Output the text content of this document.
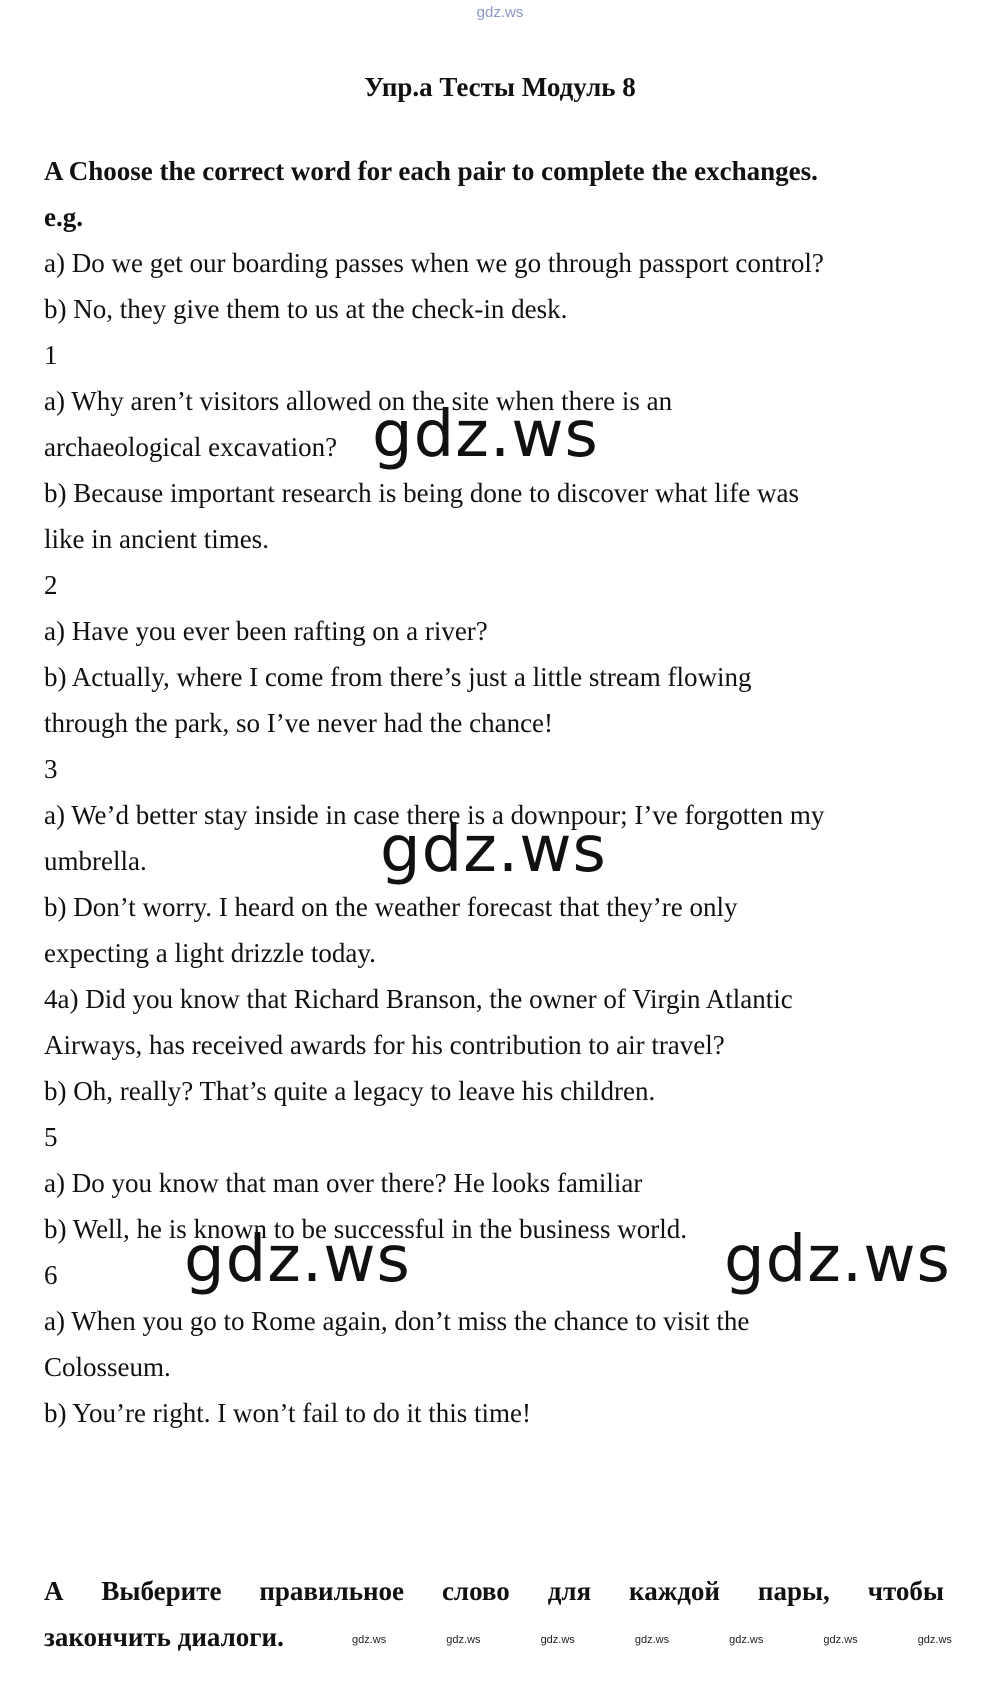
gdz.ws
Упр.a Тесты Модуль 8
A Choose the correct word for each pair to complete the exchanges.
e.g.
a) Do we get our boarding passes when we go through passport control?
b) No, they give them to us at the check-in desk.
1
a) Why aren’t visitors allowed on the site when there is an
archaeological excavation?
b) Because important research is being done to discover what life was
like in ancient times.
2
a) Have you ever been rafting on a river?
b) Actually, where I come from there’s just a little stream flowing
through the park, so I’ve never had the chance!
3
a) We’d better stay inside in case there is a downpour; I’ve forgotten my
umbrella.
b) Don’t worry. I heard on the weather forecast that they’re only
expecting a light drizzle today.
4a) Did you know that Richard Branson, the owner of Virgin Atlantic
Airways, has received awards for his contribution to air travel?
b) Oh, really? That’s quite a legacy to leave his children.
5
a) Do you know that man over there? He looks familiar
b) Well, he is known to be successful in the business world.
6
a) When you go to Rome again, don’t miss the chance to visit the
Colosseum.
b) You’re right. I won’t fail to do it this time!
gdz.ws
gdz.ws
gdz.ws	gdz.ws
A Выберите правильное слово для каждой пары, чтобы
закончить диалоги.	gdz.ws	gdz.ws	gdz.ws	gdz.ws	gdz.ws	gdz.ws	gdz.ws
